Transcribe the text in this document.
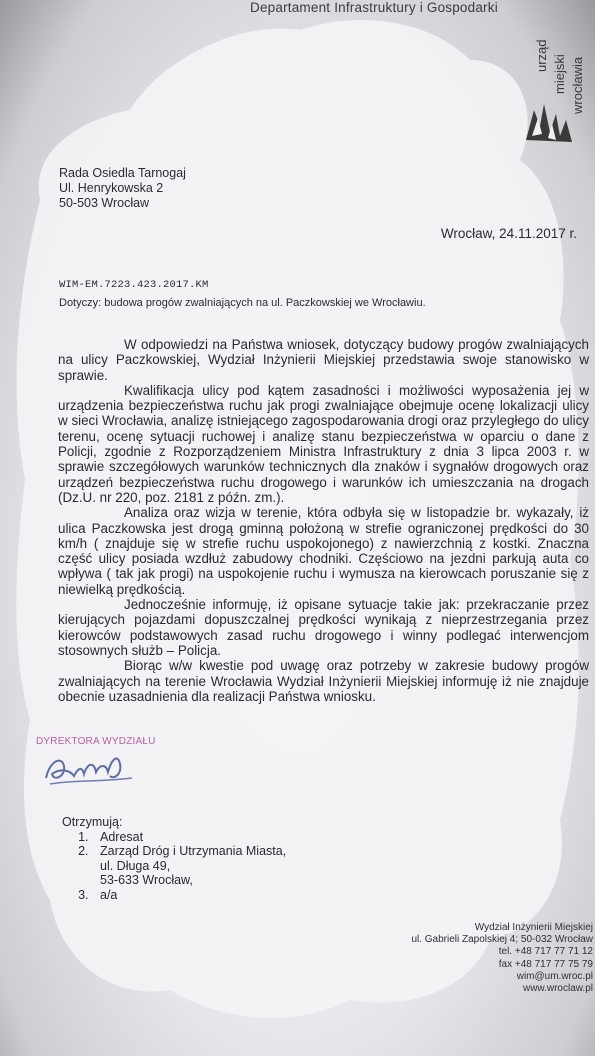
Departament Infrastruktury i Gospodarki
urząd miejski wrocławia
Rada Osiedla Tarnogaj
Ul. Henrykowska 2
50-503 Wrocław
Wrocław, 24.11.2017 r.
WIM-EM.7223.423.2017.KM
Dotyczy: budowa progów zwalniających na ul. Paczkowskiej we Wrocławiu.

W odpowiedzi na Państwa wniosek, dotyczący budowy progów zwalniających na ulicy Paczkowskiej, Wydział Inżynierii Miejskiej przedstawia swoje stanowisko w sprawie.

Kwalifikacja ulicy pod kątem zasadności i możliwości wyposażenia jej w urządzenia bezpieczeństwa ruchu jak progi zwalniające obejmuje ocenę lokalizacji ulicy w sieci Wrocławia, analizę istniejącego zagospodarowania drogi oraz przyległego do ulicy terenu, ocenę sytuacji ruchowej i analizę stanu bezpieczeństwa w oparciu o dane z Policji, zgodnie z Rozporządzeniem Ministra Infrastruktury z dnia 3 lipca 2003 r. w sprawie szczegółowych warunków technicznych dla znaków i sygnałów drogowych oraz urządzeń bezpieczeństwa ruchu drogowego i warunków ich umieszczania na drogach (Dz.U. nr 220, poz. 2181 z późn. zm.).

Analiza oraz wizja w terenie, która odbyła się w listopadzie br. wykazały, iż ulica Paczkowska jest drogą gminną położoną w strefie ograniczonej prędkości do 30 km/h ( znajduje się w strefie ruchu uspokojonego) z nawierzchnią z kostki. Znaczna część ulicy posiada wzdłuż zabudowy chodniki. Częściowo na jezdni parkują auta co wpływa ( tak jak progi) na uspokojenie ruchu i wymusza na kierowcach poruszanie się z niewielką prędkością.

Jednocześnie informuję, iż opisane sytuacje takie jak: przekraczanie przez kierujących pojazdami dopuszczalnej prędkości wynikają z nieprzestrzegania przez kierowców podstawowych zasad ruchu drogowego i winny podlegać interwencjom stosownych służb – Policja.

Biorąc w/w kwestie pod uwagę oraz potrzeby w zakresie budowy progów zwalniających na terenie Wrocławia Wydział Inżynierii Miejskiej informuję iż nie znajduje obecnie uzasadnienia dla realizacji Państwa wniosku.

DYREKTORA WYDZIAŁU
Otrzymują:
1. Adresat
2. Zarząd Dróg i Utrzymania Miasta,
ul. Długa 49,
53-633 Wrocław,
3. a/a
Wydział Inżynierii Miejskiej
ul. Gabrieli Zapolskiej 4; 50-032 Wrocław
tel. +48 717 77 71 12
fax +48 717 77 75 79
wim@um.wroc.pl
www.wroclaw.pl
